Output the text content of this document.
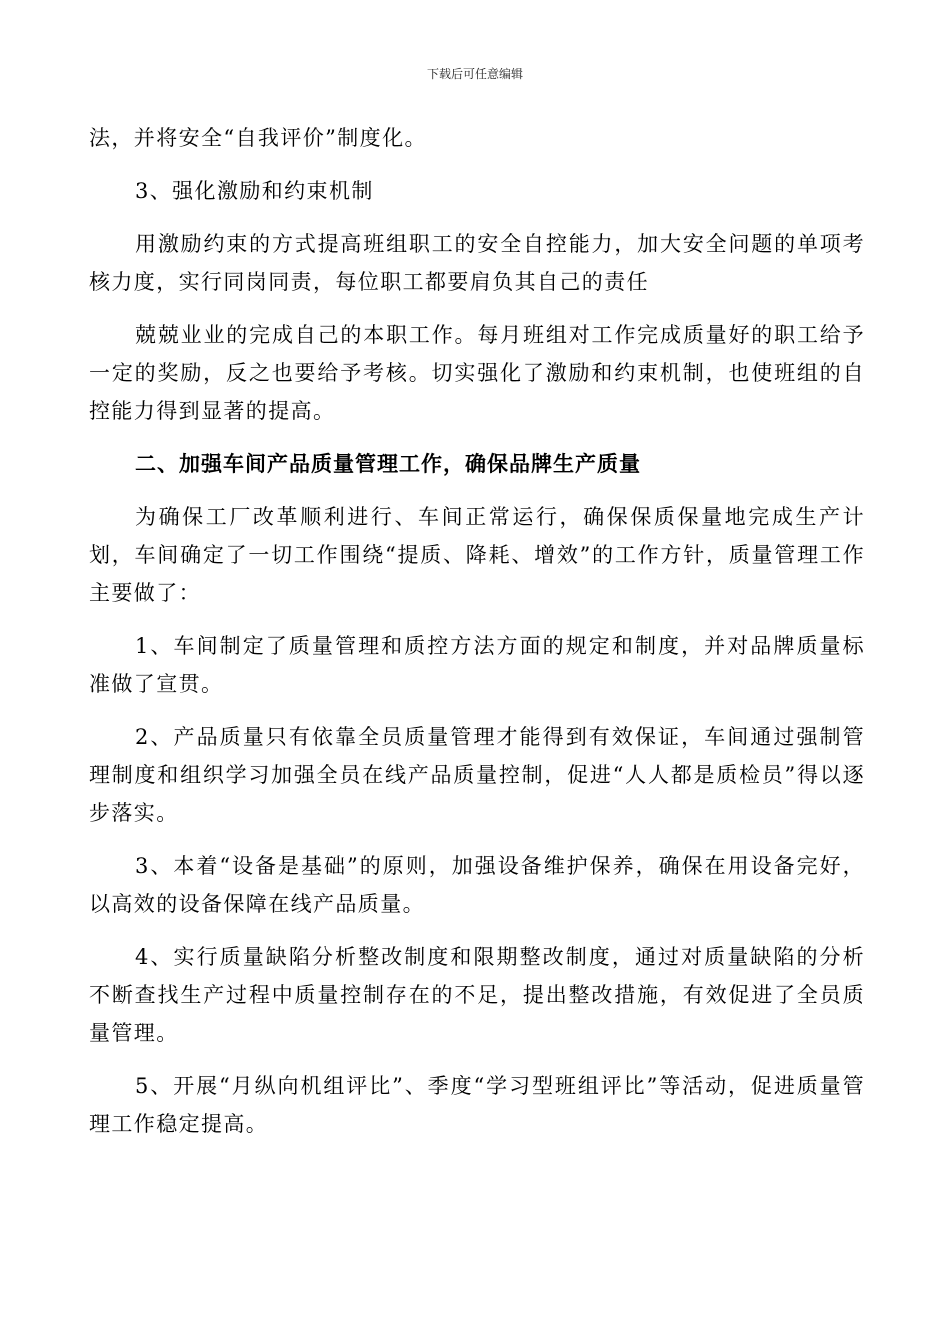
下载后可任意编辑

法，并将安全“自我评价”制度化。

3、强化激励和约束机制

用激励约束的方式提高班组职工的安全自控能力，加大安全问题的单项考核力度，实行同岗同责，每位职工都要肩负其自己的责任

兢兢业业的完成自己的本职工作。每月班组对工作完成质量好的职工给予一定的奖励，反之也要给予考核。切实强化了激励和约束机制，也使班组的自控能力得到显著的提高。

二、加强车间产品质量管理工作，确保品牌生产质量

为确保工厂改革顺利进行、车间正常运行，确保保质保量地完成生产计划，车间确定了一切工作围绕“提质、降耗、增效”的工作方针，质量管理工作主要做了：

1、车间制定了质量管理和质控方法方面的规定和制度，并对品牌质量标准做了宣贯。

2、产品质量只有依靠全员质量管理才能得到有效保证，车间通过强制管理制度和组织学习加强全员在线产品质量控制，促进“人人都是质检员”得以逐步落实。

3、本着“设备是基础”的原则，加强设备维护保养，确保在用设备完好，以高效的设备保障在线产品质量。

4、实行质量缺陷分析整改制度和限期整改制度，通过对质量缺陷的分析不断查找生产过程中质量控制存在的不足，提出整改措施，有效促进了全员质量管理。

5、开展“月纵向机组评比”、季度“学习型班组评比”等活动，促进质量管理工作稳定提高。
